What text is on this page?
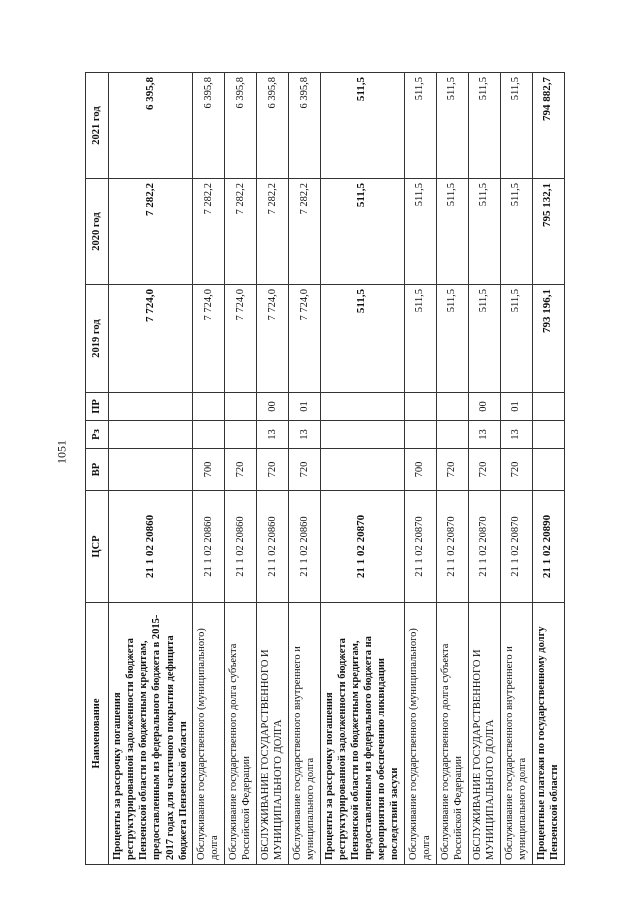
1051
Наименование	ЦСР	ВР	Рз	ПР	2019 год	2020 год	2021 год
Проценты за рассрочку погашения реструктурированной задолженности бюджета Пензенской области по бюджетным кредитам, предоставленным из федерального бюджета в 2015-2017 годах для частичного покрытия дефицита бюджета Пензенской области	21 1 02 20860				7 724,0	7 282,2	6 395,8
Обслуживание государственного (муниципального) долга	21 1 02 20860	700			7 724,0	7 282,2	6 395,8
Обслуживание государственного долга субъекта Российской Федерации	21 1 02 20860	720			7 724,0	7 282,2	6 395,8
ОБСЛУЖИВАНИЕ ГОСУДАРСТВЕННОГО И МУНИЦИПАЛЬНОГО ДОЛГА	21 1 02 20860	720	13	00	7 724,0	7 282,2	6 395,8
Обслуживание государственного внутреннего и муниципального долга	21 1 02 20860	720	13	01	7 724,0	7 282,2	6 395,8
Проценты за рассрочку погашения реструктурированной задолженности бюджета Пензенской области по бюджетным кредитам, предоставленным из федерального бюджета на мероприятия по обеспечению ликвидации последствий засухи	21 1 02 20870				511,5	511,5	511,5
Обслуживание государственного (муниципального) долга	21 1 02 20870	700			511,5	511,5	511,5
Обслуживание государственного долга субъекта Российской Федерации	21 1 02 20870	720			511,5	511,5	511,5
ОБСЛУЖИВАНИЕ ГОСУДАРСТВЕННОГО И МУНИЦИПАЛЬНОГО ДОЛГА	21 1 02 20870	720	13	00	511,5	511,5	511,5
Обслуживание государственного внутреннего и муниципального долга	21 1 02 20870	720	13	01	511,5	511,5	511,5
Процентные платежи по государственному долгу Пензенской области	21 1 02 20890				793 196,1	795 132,1	794 882,7
